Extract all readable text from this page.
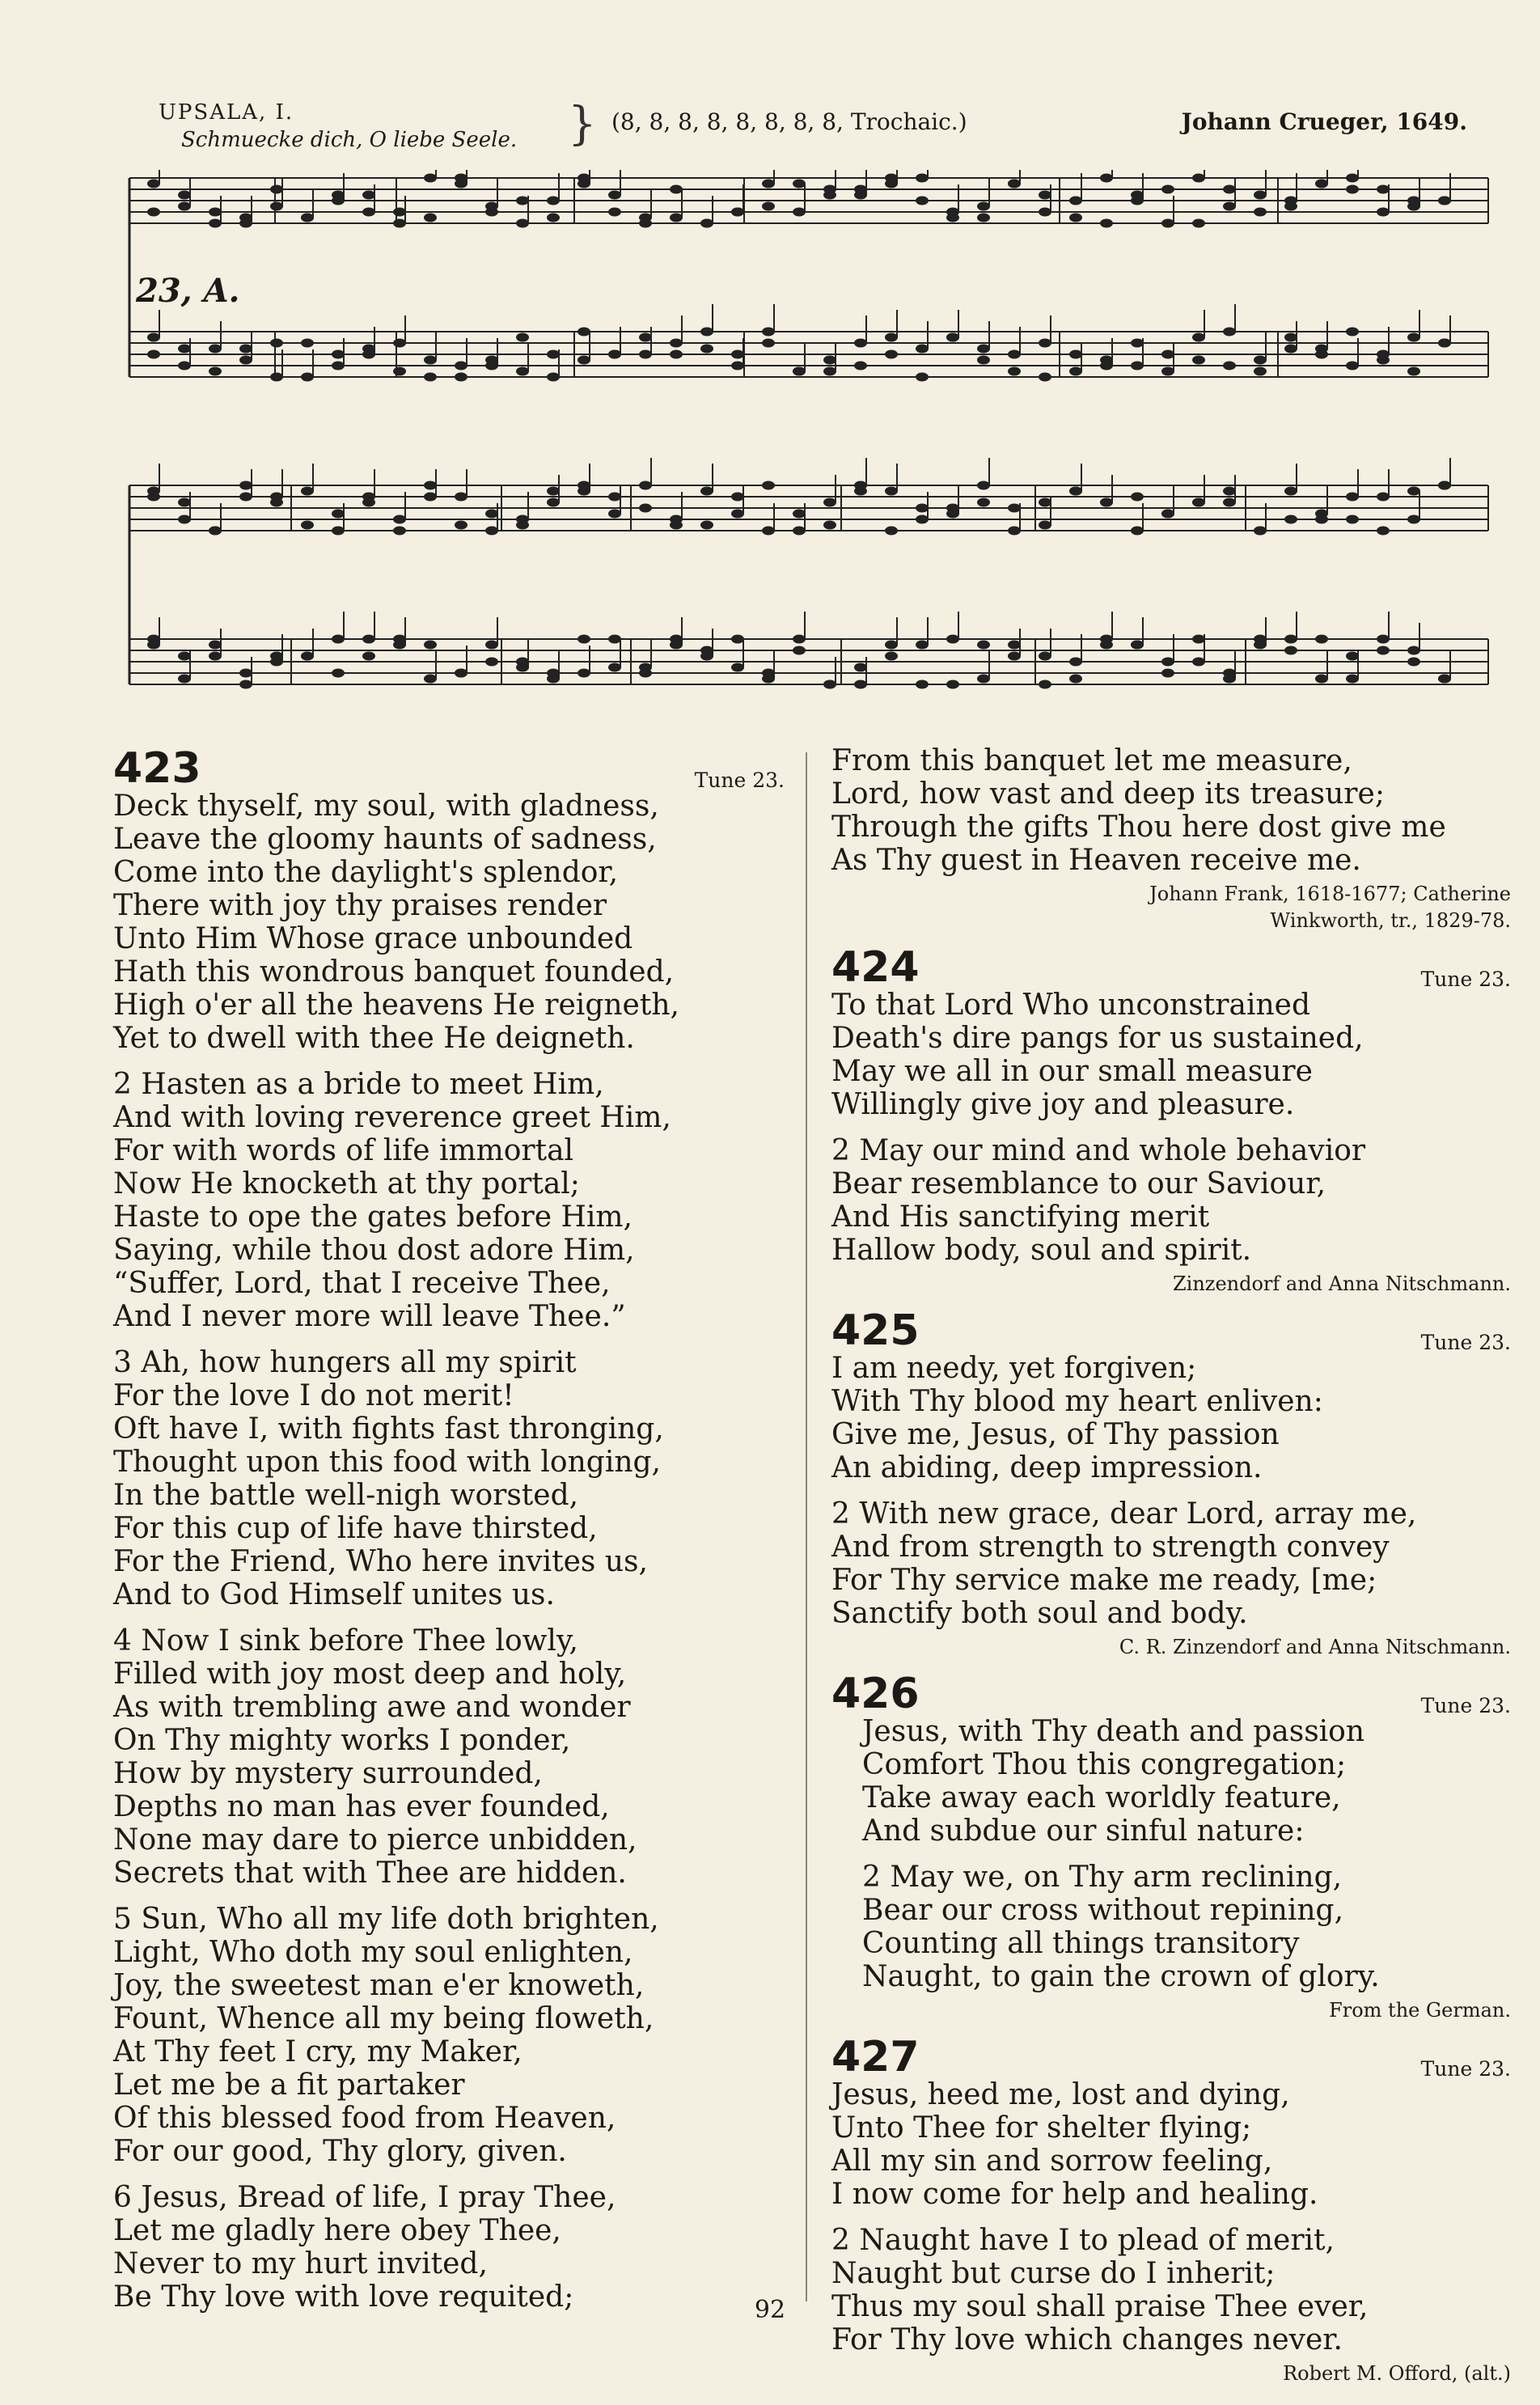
UPSALA, I.
Schmuecke dich, O liebe Seele. } (8, 8, 8, 8, 8, 8, 8, 8, Trochaic.)	Johann Crueger, 1649.
23, A.
423	Tune 23.
Deck thyself, my soul, with gladness,
Leave the gloomy haunts of sadness,
Come into the daylight's splendor,
There with joy thy praises render
Unto Him Whose grace unbounded
Hath this wondrous banquet founded,
High o'er all the heavens He reigneth,
Yet to dwell with thee He deigneth.
2 Hasten as a bride to meet Him,
And with loving reverence greet Him,
For with words of life immortal
Now He knocketh at thy portal;
Haste to ope the gates before Him,
Saying, while thou dost adore Him,
“Suffer, Lord, that I receive Thee,
And I never more will leave Thee.”
3 Ah, how hungers all my spirit
For the love I do not merit!
Oft have I, with fights fast thronging,
Thought upon this food with longing,
In the battle well-nigh worsted,
For this cup of life have thirsted,
For the Friend, Who here invites us,
And to God Himself unites us.
4 Now I sink before Thee lowly,
Filled with joy most deep and holy,
As with trembling awe and wonder
On Thy mighty works I ponder,
How by mystery surrounded,
Depths no man has ever founded,
None may dare to pierce unbidden,
Secrets that with Thee are hidden.
5 Sun, Who all my life doth brighten,
Light, Who doth my soul enlighten,
Joy, the sweetest man e'er knoweth,
Fount, Whence all my being floweth,
At Thy feet I cry, my Maker,
Let me be a fit partaker
Of this blessed food from Heaven,
For our good, Thy glory, given.
6 Jesus, Bread of life, I pray Thee,
Let me gladly here obey Thee,
Never to my hurt invited,
Be Thy love with love requited;
From this banquet let me measure,
Lord, how vast and deep its treasure;
Through the gifts Thou here dost give me
As Thy guest in Heaven receive me.
Johann Frank, 1618-1677; Catherine
Winkworth, tr., 1829-78.
424	Tune 23.
To that Lord Who unconstrained
Death's dire pangs for us sustained,
May we all in our small measure
Willingly give joy and pleasure.
2 May our mind and whole behavior
Bear resemblance to our Saviour,
And His sanctifying merit
Hallow body, soul and spirit.
Zinzendorf and Anna Nitschmann.
425	Tune 23.
I am needy, yet forgiven;
With Thy blood my heart enliven:
Give me, Jesus, of Thy passion
An abiding, deep impression.
2 With new grace, dear Lord, array me,
And from strength to strength convey
For Thy service make me ready, [me;
Sanctify both soul and body.
C. R. Zinzendorf and Anna Nitschmann.
426	Tune 23.
Jesus, with Thy death and passion
Comfort Thou this congregation;
Take away each worldly feature,
And subdue our sinful nature:
2 May we, on Thy arm reclining,
Bear our cross without repining,
Counting all things transitory
Naught, to gain the crown of glory.
From the German.
427	Tune 23.
Jesus, heed me, lost and dying,
Unto Thee for shelter flying;
All my sin and sorrow feeling,
I now come for help and healing.
2 Naught have I to plead of merit,
Naught but curse do I inherit;
Thus my soul shall praise Thee ever,
For Thy love which changes never.
Robert M. Offord, (alt.)
92
